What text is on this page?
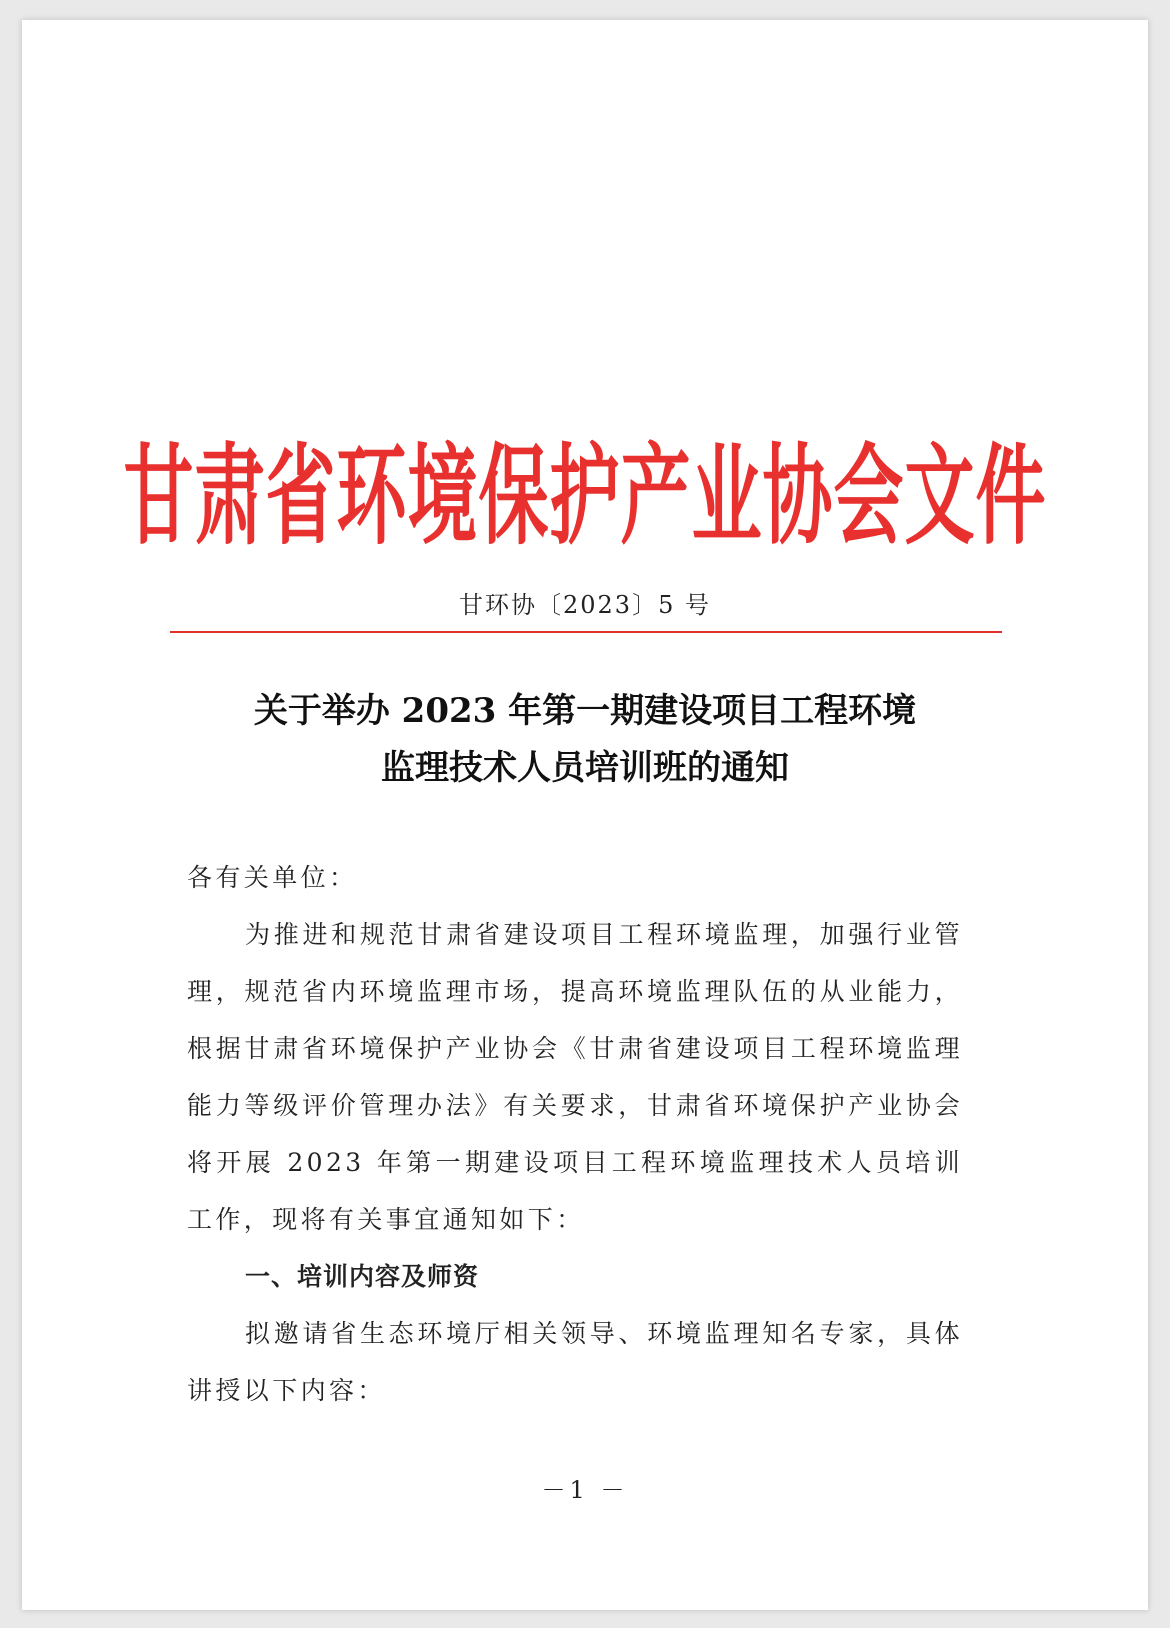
甘肃省环境保护产业协会文件
甘环协〔2023〕5 号
关于举办 2023 年第一期建设项目工程环境
监理技术人员培训班的通知

各有关单位：

为推进和规范甘肃省建设项目工程环境监理，加强行业管理，规范省内环境监理市场，提高环境监理队伍的从业能力，根据甘肃省环境保护产业协会《甘肃省建设项目工程环境监理能力等级评价管理办法》有关要求，甘肃省环境保护产业协会将开展 2023 年第一期建设项目工程环境监理技术人员培训工作，现将有关事宜通知如下：

一、培训内容及师资

拟邀请省生态环境厅相关领导、环境监理知名专家，具体讲授以下内容：

－1 －
